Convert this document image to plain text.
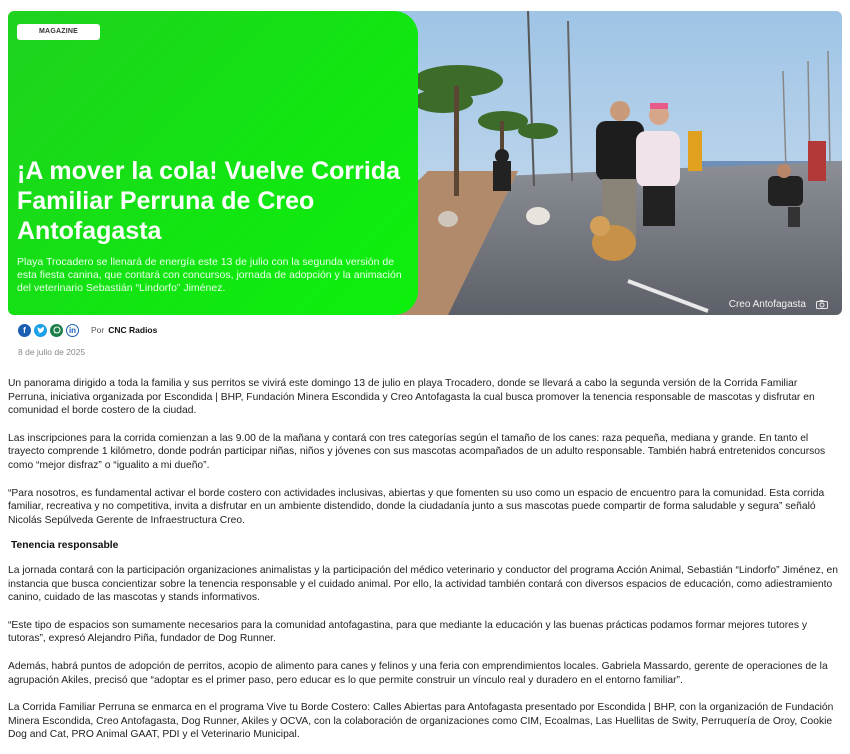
Creo Antofagasta
MAGAZINE
¡A mover la cola! Vuelve Corrida Familiar Perruna de Creo Antofagasta

Playa Trocadero se llenará de energía este 13 de julio con la segunda versión de esta fiesta canina, que contará con concursos, jornada de adopción y la animación del veterinario Sebastián “Lindorfo” Jiménez.

f	in	Por CNC Radios
8 de julio de 2025

Un panorama dirigido a toda la familia y sus perritos se vivirá este domingo 13 de julio en playa Trocadero, donde se llevará a cabo la segunda versión de la Corrida Familiar Perruna, iniciativa organizada por Escondida | BHP, Fundación Minera Escondida y Creo Antofagasta la cual busca promover la tenencia responsable de mascotas y disfrutar en comunidad el borde costero de la ciudad.

Las inscripciones para la corrida comienzan a las 9.00 de la mañana y contará con tres categorías según el tamaño de los canes: raza pequeña, mediana y grande. En tanto el trayecto comprende 1 kilómetro, donde podrán participar niñas, niños y jóvenes con sus mascotas acompañados de un adulto responsable. También habrá entretenidos concursos como “mejor disfraz” o “igualito a mi dueño”.

“Para nosotros, es fundamental activar el borde costero con actividades inclusivas, abiertas y que fomenten su uso como un espacio de encuentro para la comunidad. Esta corrida familiar, recreativa y no competitiva, invita a disfrutar en un ambiente distendido, donde la ciudadanía junto a sus mascotas puede compartir de forma saludable y segura” señaló Nicolás Sepúlveda Gerente de Infraestructura Creo.

Tenencia responsable

La jornada contará con la participación organizaciones animalistas y la participación del médico veterinario y conductor del programa Acción Animal, Sebastián “Lindorfo” Jiménez, en instancia que busca concientizar sobre la tenencia responsable y el cuidado animal. Por ello, la actividad también contará con diversos espacios de educación, como adiestramiento canino, cuidado de las mascotas y stands informativos.

“Este tipo de espacios son sumamente necesarios para la comunidad antofagastina, para que mediante la educación y las buenas prácticas podamos formar mejores tutores y tutoras”, expresó Alejandro Piña, fundador de Dog Runner.

Además, habrá puntos de adopción de perritos, acopio de alimento para canes y felinos y una feria con emprendimientos locales. Gabriela Massardo, gerente de operaciones de la agrupación Akiles, precisó que “adoptar es el primer paso, pero educar es lo que permite construir un vínculo real y duradero en el entorno familiar”.

La Corrida Familiar Perruna se enmarca en el programa Vive tu Borde Costero: Calles Abiertas para Antofagasta presentado por Escondida | BHP, con la organización de Fundación Minera Escondida, Creo Antofagasta, Dog Runner, Akiles y OCVA, con la colaboración de organizaciones como CIM, Ecoalmas, Las Huellitas de Swity, Perruquería de Oroy, Cookie Dog and Cat, PRO Animal GAAT, PDI y el Veterinario Municipal.
